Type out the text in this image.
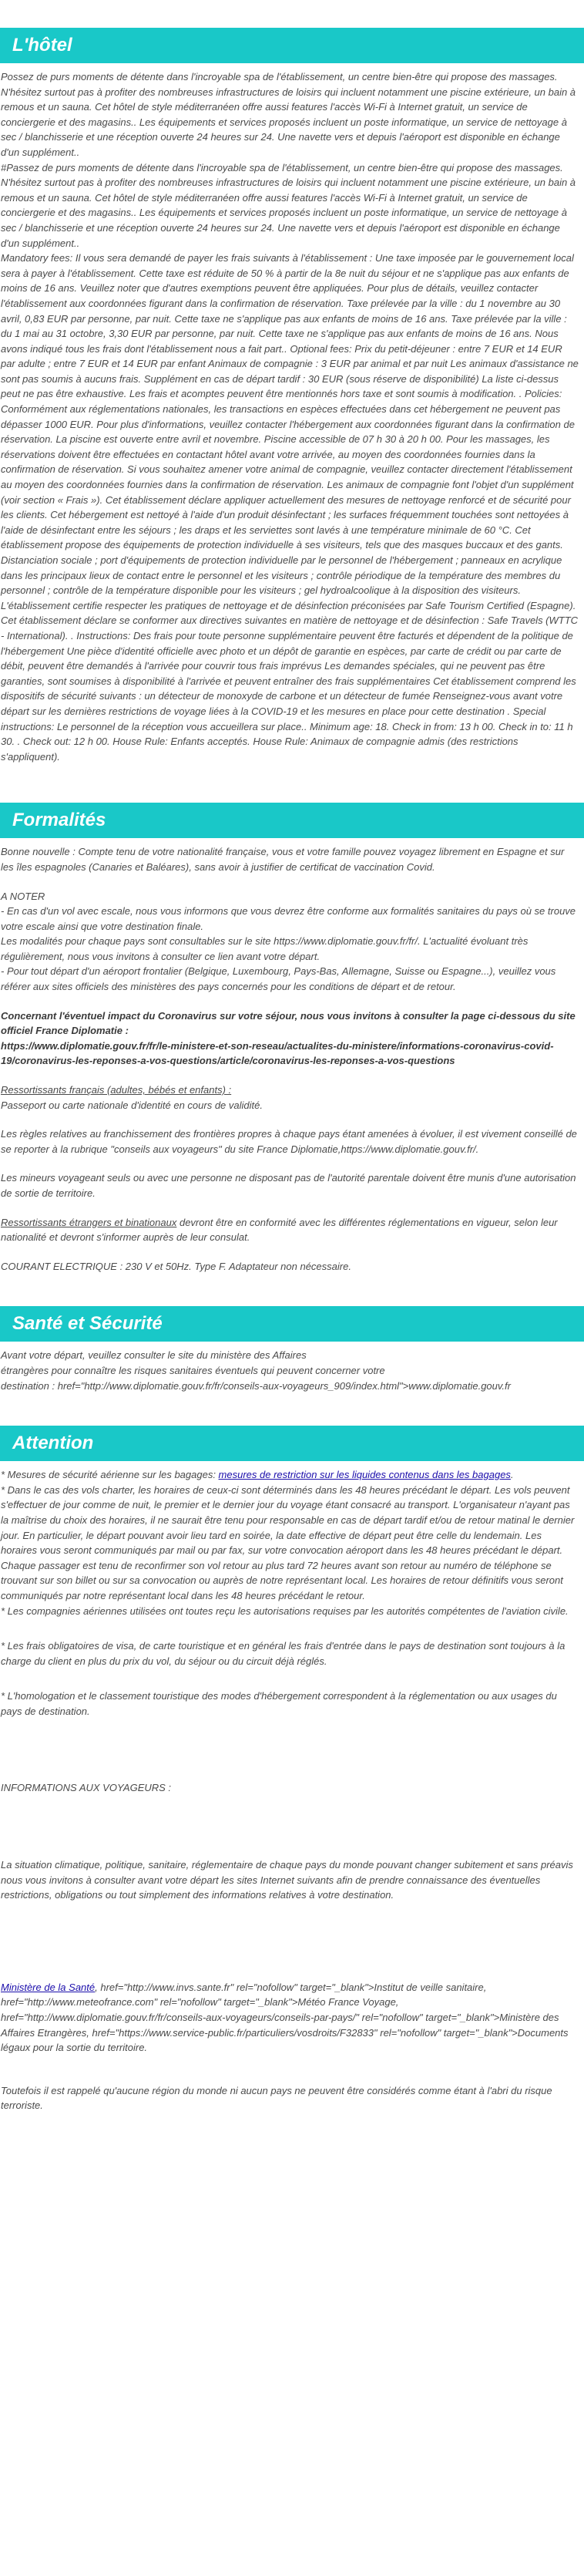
L'hôtel
Possez de purs moments de détente dans l'incroyable spa de l'établissement, un centre bien-être qui propose des massages. N'hésitez surtout pas à profiter des nombreuses infrastructures de loisirs qui incluent notamment une piscine extérieure, un bain à remous et un sauna. Cet hôtel de style méditerranéen offre aussi features l'accès Wi-Fi à Internet gratuit, un service de conciergerie et des magasins.. Les équipements et services proposés incluent un poste informatique, un service de nettoyage à sec / blanchisserie et une réception ouverte 24 heures sur 24. Une navette vers et depuis l'aéroport est disponible en échange d'un supplément..
#Passez de purs moments de détente dans l'incroyable spa de l'établissement, un centre bien-être qui propose des massages. N'hésitez surtout pas à profiter des nombreuses infrastructures de loisirs qui incluent notamment une piscine extérieure, un bain à remous et un sauna. Cet hôtel de style méditerranéen offre aussi features l'accès Wi-Fi à Internet gratuit, un service de conciergerie et des magasins.. Les équipements et services proposés incluent un poste informatique, un service de nettoyage à sec / blanchisserie et une réception ouverte 24 heures sur 24. Une navette vers et depuis l'aéroport est disponible en échange d'un supplément..
Mandatory fees: Il vous sera demandé de payer les frais suivants à l'établissement : Une taxe imposée par le gouvernement local sera à payer à l'établissement. Cette taxe est réduite de 50 % à partir de la 8e nuit du séjour et ne s'applique pas aux enfants de moins de 16 ans. Veuillez noter que d'autres exemptions peuvent être appliquées. Pour plus de détails, veuillez contacter l'établissement aux coordonnées figurant dans la confirmation de réservation. Taxe prélevée par la ville : du 1 novembre au 30 avril, 0,83 EUR par personne, par nuit. Cette taxe ne s'applique pas aux enfants de moins de 16 ans. Taxe prélevée par la ville : du 1 mai au 31 octobre, 3,30 EUR par personne, par nuit. Cette taxe ne s'applique pas aux enfants de moins de 16 ans. Nous avons indiqué tous les frais dont l'établissement nous a fait part.. Optional fees: Prix du petit-déjeuner : entre 7 EUR et 14 EUR par adulte ; entre 7 EUR et 14 EUR par enfant Animaux de compagnie : 3 EUR par animal et par nuit Les animaux d'assistance ne sont pas soumis à aucuns frais. Supplément en cas de départ tardif : 30 EUR (sous réserve de disponibilité) La liste ci-dessus peut ne pas être exhaustive. Les frais et acomptes peuvent être mentionnés hors taxe et sont soumis à modification. . Policies: Conformément aux réglementations nationales, les transactions en espèces effectuées dans cet hébergement ne peuvent pas dépasser 1000 EUR. Pour plus d'informations, veuillez contacter l'hébergement aux coordonnées figurant dans la confirmation de réservation. La piscine est ouverte entre avril et novembre. Piscine accessible de 07 h 30 à 20 h 00. Pour les massages, les réservations doivent être effectuées en contactant hôtel avant votre arrivée, au moyen des coordonnées fournies dans la confirmation de réservation. Si vous souhaitez amener votre animal de compagnie, veuillez contacter directement l'établissement au moyen des coordonnées fournies dans la confirmation de réservation. Les animaux de compagnie font l'objet d'un supplément (voir section « Frais »). Cet établissement déclare appliquer actuellement des mesures de nettoyage renforcé et de sécurité pour les clients. Cet hébergement est nettoyé à l'aide d'un produit désinfectant ; les surfaces fréquemment touchées sont nettoyées à l'aide de désinfectant entre les séjours ; les draps et les serviettes sont lavés à une température minimale de 60 °C. Cet établissement propose des équipements de protection individuelle à ses visiteurs, tels que des masques buccaux et des gants. Distanciation sociale ; port d'équipements de protection individuelle par le personnel de l'hébergement ; panneaux en acrylique dans les principaux lieux de contact entre le personnel et les visiteurs ; contrôle périodique de la température des membres du personnel ; contrôle de la température disponible pour les visiteurs ; gel hydroalcoolique à la disposition des visiteurs. L'établissement certifie respecter les pratiques de nettoyage et de désinfection préconisées par Safe Tourism Certified (Espagne). Cet établissement déclare se conformer aux directives suivantes en matière de nettoyage et de désinfection : Safe Travels (WTTC - International). . Instructions: Des frais pour toute personne supplémentaire peuvent être facturés et dépendent de la politique de l'hébergement Une pièce d'identité officielle avec photo et un dépôt de garantie en espèces, par carte de crédit ou par carte de débit, peuvent être demandés à l'arrivée pour couvrir tous frais imprévus Les demandes spéciales, qui ne peuvent pas être garanties, sont soumises à disponibilité à l'arrivée et peuvent entraîner des frais supplémentaires Cet établissement comprend les dispositifs de sécurité suivants : un détecteur de monoxyde de carbone et un détecteur de fumée Renseignez-vous avant votre départ sur les dernières restrictions de voyage liées à la COVID-19 et les mesures en place pour cette destination . Special instructions: Le personnel de la réception vous accueillera sur place.. Minimum age: 18. Check in from: 13 h 00. Check in to: 11 h 30. . Check out: 12 h 00. House Rule: Enfants acceptés. House Rule: Animaux de compagnie admis (des restrictions s'appliquent).
Formalités
Bonne nouvelle : Compte tenu de votre nationalité française, vous et votre famille pouvez voyagez librement en Espagne et sur les îles espagnoles (Canaries et Baléares), sans avoir à justifier de certificat de vaccination Covid.
A NOTER
- En cas d'un vol avec escale, nous vous informons que vous devrez être conforme aux formalités sanitaires du pays où se trouve votre escale ainsi que votre destination finale.
Les modalités pour chaque pays sont consultables sur le site https://www.diplomatie.gouv.fr/fr/. L'actualité évoluant très régulièrement, nous vous invitons à consulter ce lien avant votre départ.
- Pour tout départ d'un aéroport frontalier (Belgique, Luxembourg, Pays-Bas, Allemagne, Suisse ou Espagne...), veuillez vous référer aux sites officiels des ministères des pays concernés pour les conditions de départ et de retour.
Concernant l'éventuel impact du Coronavirus sur votre séjour, nous vous invitons à consulter la page ci-dessous du site officiel France Diplomatie :
https://www.diplomatie.gouv.fr/fr/le-ministere-et-son-reseau/actualites-du-ministere/informations-coronavirus-covid-19/coronavirus-les-reponses-a-vos-questions/article/coronavirus-les-reponses-a-vos-questions
Ressortissants français (adultes, bébés et enfants) :
Passeport ou carte nationale d'identité en cours de validité.
Les règles relatives au franchissement des frontières propres à chaque pays étant amenées à évoluer, il est vivement conseillé de se reporter à la rubrique "conseils aux voyageurs" du site France Diplomatie,https://www.diplomatie.gouv.fr/.
Les mineurs voyageant seuls ou avec une personne ne disposant pas de l'autorité parentale doivent être munis d'une autorisation de sortie de territoire.
Ressortissants étrangers et binationaux devront être en conformité avec les différentes réglementations en vigueur, selon leur nationalité et devront s'informer auprès de leur consulat.
COURANT ELECTRIQUE : 230 V et 50Hz. Type F. Adaptateur non nécessaire.
Santé et Sécurité
Avant votre départ, veuillez consulter le site du ministère des Affaires
étrangères pour connaître les risques sanitaires éventuels qui peuvent concerner votre
destination : href="http://www.diplomatie.gouv.fr/fr/conseils-aux-voyageurs_909/index.html">www.diplomatie.gouv.fr
Attention
* Mesures de sécurité aérienne sur les bagages: mesures de restriction sur les liquides contenus dans les bagages.
* Dans le cas des vols charter, les horaires de ceux-ci sont déterminés dans les 48 heures précédant le départ. Les vols peuvent s'effectuer de jour comme de nuit, le premier et le dernier jour du voyage étant consacré au transport. L'organisateur n'ayant pas la maîtrise du choix des horaires, il ne saurait être tenu pour responsable en cas de départ tardif et/ou de retour matinal le dernier jour. En particulier, le départ pouvant avoir lieu tard en soirée, la date effective de départ peut être celle du lendemain. Les horaires vous seront communiqués par mail ou par fax, sur votre convocation aéroport dans les 48 heures précédant le départ. Chaque passager est tenu de reconfirmer son vol retour au plus tard 72 heures avant son retour au numéro de téléphone se trouvant sur son billet ou sur sa convocation ou auprès de notre représentant local. Les horaires de retour définitifs vous seront communiqués par notre représentant local dans les 48 heures précédant le retour.
* Les compagnies aériennes utilisées ont toutes reçu les autorisations requises par les autorités compétentes de l'aviation civile.
* Les frais obligatoires de visa, de carte touristique et en général les frais d'entrée dans le pays de destination sont toujours à la charge du client en plus du prix du vol, du séjour ou du circuit déjà réglés.
* L'homologation et le classement touristique des modes d'hébergement correspondent à la réglementation ou aux usages du pays de destination.
INFORMATIONS AUX VOYAGEURS :
La situation climatique, politique, sanitaire, réglementaire de chaque pays du monde pouvant changer subitement et sans préavis
nous vous invitons à consulter avant votre départ les sites Internet suivants afin de prendre connaissance des éventuelles restrictions, obligations ou tout simplement des informations relatives à votre destination.
Ministère de la Santé, href="http://www.invs.sante.fr" rel="nofollow" target="_blank">Institut de veille sanitaire, href="http://www.meteofrance.com" rel="nofollow" target="_blank">Météo France Voyage, href="http://www.diplomatie.gouv.fr/fr/conseils-aux-voyageurs/conseils-par-pays/" rel="nofollow" target="_blank">Ministère des Affaires Etrangères, href="https://www.service-public.fr/particuliers/vosdroits/F32833" rel="nofollow" target="_blank">Documents légaux pour la sortie du territoire.
Toutefois il est rappelé qu'aucune région du monde ni aucun pays ne peuvent être considérés comme étant à l'abri du risque terroriste.
